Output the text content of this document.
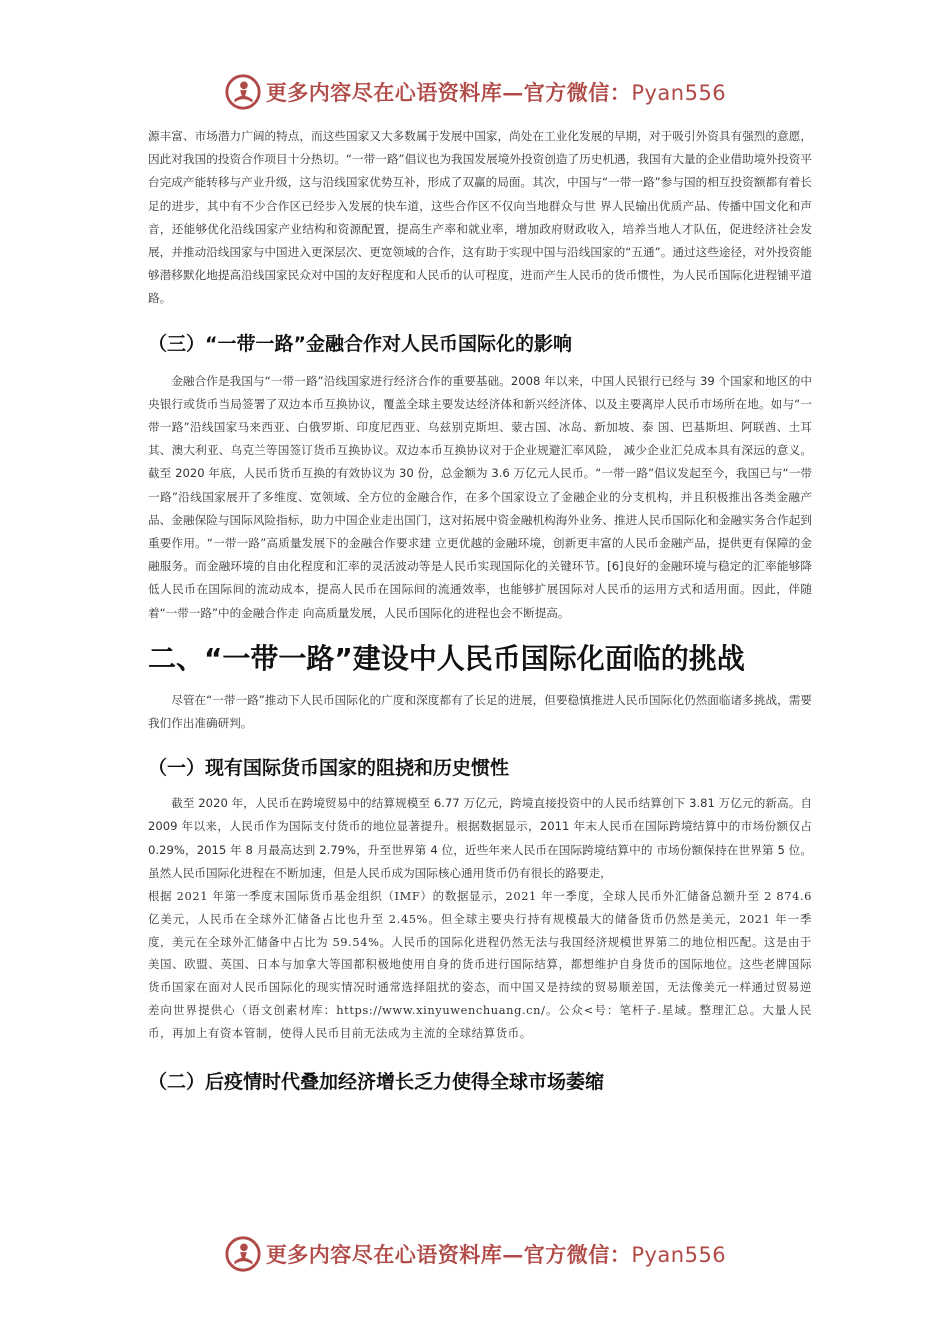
更多内容尽在心语资料库—官方微信：Pyan556

源丰富、市场潜力广阔的特点，而这些国家又大多数属于发展中国家，尚处在工业化发展的早期，对于吸引外资具有强烈的意愿，因此对我国的投资合作项目十分热切。“一带一路”倡议也为我国发展境外投资创造了历史机遇，我国有大量的企业借助境外投资平台完成产能转移与产业升级，这与沿线国家优势互补，形成了双赢的局面。其次，中国与“一带一路”参与国的相互投资额都有着长足的进步，其中有不少合作区已经步入发展的快车道，这些合作区不仅向当地群众与世 界人民输出优质产品、传播中国文化和声音，还能够优化沿线国家产业结构和资源配置，提高生产率和就业率，增加政府财政收入，培养当地人才队伍，促进经济社会发展，并推动沿线国家与中国进入更深层次、更宽领域的合作，这有助于实现中国与沿线国家的“五通”。通过这些途径，对外投资能够潜移默化地提高沿线国家民众对中国的友好程度和人民币的认可程度，进而产生人民币的货币惯性，为人民币国际化进程铺平道路。

（三）“一带一路”金融合作对人民币国际化的影响

金融合作是我国与“一带一路”沿线国家进行经济合作的重要基础。2008 年以来，中国人民银行已经与 39 个国家和地区的中央银行或货币当局签署了双边本币互换协议，覆盖全球主要发达经济体和新兴经济体、以及主要离岸人民币市场所在地。如与“一带一路”沿线国家马来西亚、白俄罗斯、印度尼西亚、乌兹别克斯坦、蒙古国、冰岛、新加坡、泰 国、巴基斯坦、阿联酋、土耳其、澳大利亚、乌克兰等国签订货币互换协议。双边本币互换协议对于企业规避汇率风险， 减少企业汇兑成本具有深远的意义。截至 2020 年底，人民币货币互换的有效协议为 30 份，总金额为 3.6 万亿元人民币。“一带一路”倡议发起至今，我国已与“一带一路”沿线国家展开了多维度、宽领域、全方位的金融合作，在多个国家设立了金融企业的分支机构，并且积极推出各类金融产品、金融保险与国际风险指标，助力中国企业走出国门，这对拓展中资金融机构海外业务、推进人民币国际化和金融实务合作起到重要作用。“一带一路”高质量发展下的金融合作要求建 立更优越的金融环境，创新更丰富的人民币金融产品，提供更有保障的金融服务。而金融环境的自由化程度和汇率的灵活波动等是人民币实现国际化的关键环节。[6]良好的金融环境与稳定的汇率能够降低人民币在国际间的流动成本，提高人民币在国际间的流通效率，也能够扩展国际对人民币的运用方式和适用面。因此，伴随着“一带一路”中的金融合作走 向高质量发展，人民币国际化的进程也会不断提高。

二、“一带一路”建设中人民币国际化面临的挑战

尽管在“一带一路”推动下人民币国际化的广度和深度都有了长足的进展，但要稳慎推进人民币国际化仍然面临诸多挑战，需要我们作出准确研判。

（一）现有国际货币国家的阻挠和历史惯性

截至 2020 年，人民币在跨境贸易中的结算规模至 6.77 万亿元，跨境直接投资中的人民币结算创下 3.81 万亿元的新高。自 2009 年以来，人民币作为国际支付货币的地位显著提升。根据数据显示，2011 年末人民币在国际跨境结算中的市场份额仅占 0.29%，2015 年 8 月最高达到 2.79%，升至世界第 4 位，近些年来人民币在国际跨境结算中的 市场份额保持在世界第 5 位。虽然人民币国际化进程在不断加速，但是人民币成为国际核心通用货币仍有很长的路要走，

根据 2021 年第一季度末国际货币基金组织（IMF）的数据显示，2021 年一季度，全球人民币外汇储备总额升至 2 874.6 亿美元，人民币在全球外汇储备占比也升至 2.45%。但全球主要央行持有规模最大的储备货币仍然是美元，2021 年一季度，美元在全球外汇储备中占比为 59.54%。人民币的国际化进程仍然无法与我国经济规模世界第二的地位相匹配。这是由于美国、欧盟、英国、日本与加拿大等国都积极地使用自身的货币进行国际结算，都想维护自身货币的国际地位。这些老牌国际货币国家在面对人民币国际化的现实情况时通常选择阻扰的姿态，而中国又是持续的贸易顺差国，无法像美元一样通过贸易逆差向世界提供心（语文创素材库：https://www.xinyuwenchuang.cn/。公众<号：笔杆子.星域。整理汇总。大量人民币，再加上有资本管制，使得人民币目前无法成为主流的全球结算货币。

（二）后疫情时代叠加经济增长乏力使得全球市场萎缩
更多内容尽在心语资料库—官方微信：Pyan556
